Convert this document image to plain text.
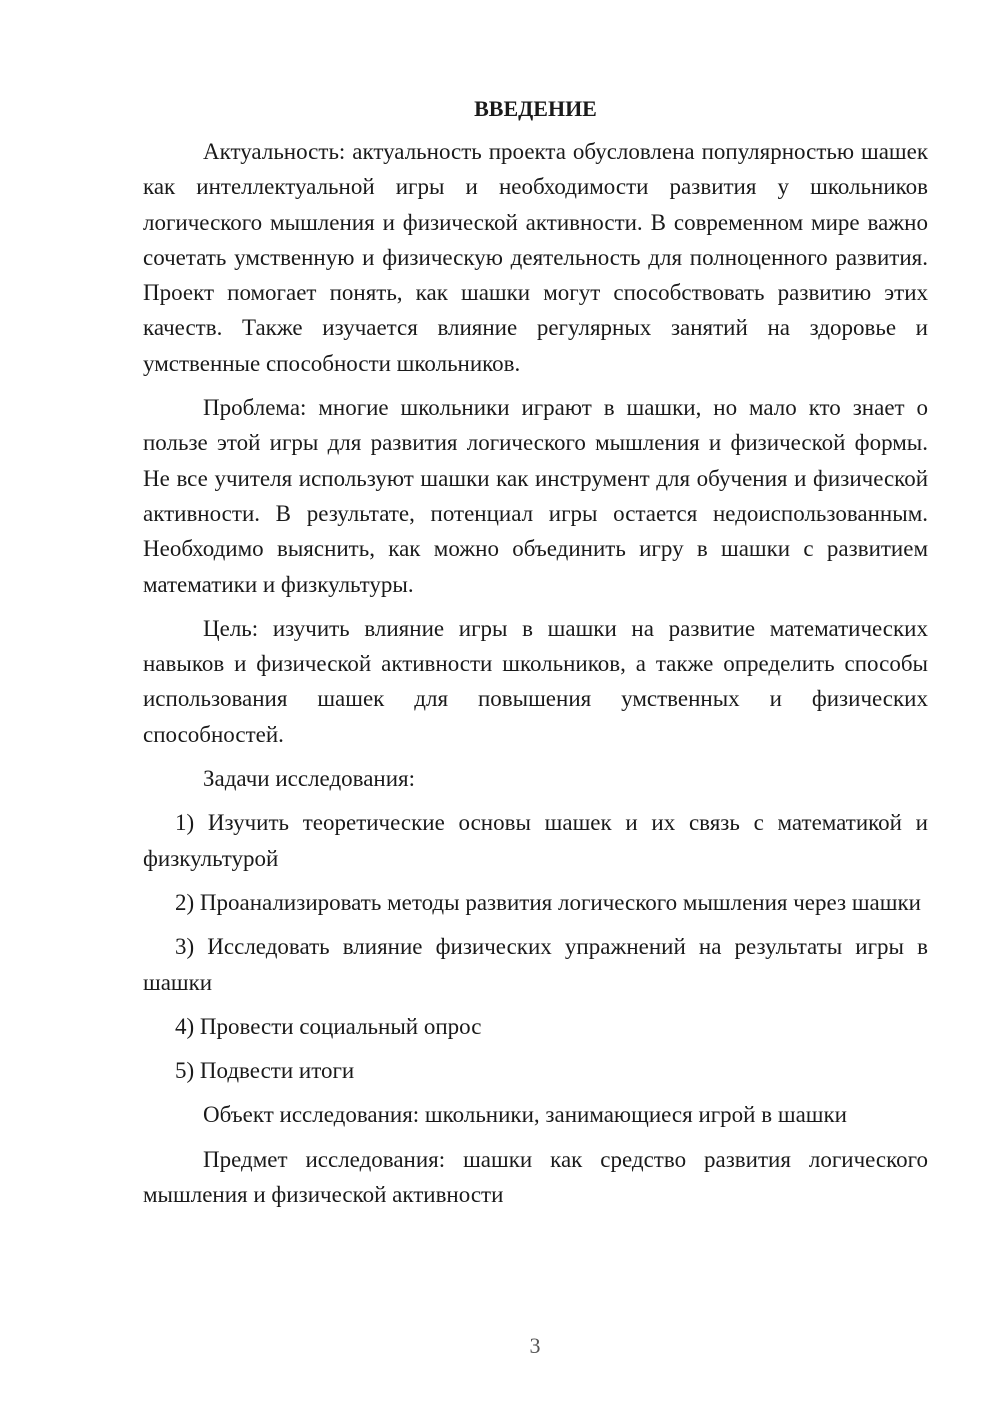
ВВЕДЕНИЕ
Актуальность: актуальность проекта обусловлена популярностью шашек как интеллектуальной игры и необходимости развития у школьников логического мышления и физической активности. В современном мире важно сочетать умственную и физическую деятельность для полноценного развития. Проект помогает понять, как шашки могут способствовать развитию этих качеств. Также изучается влияние регулярных занятий на здоровье и умственные способности школьников.
Проблема: многие школьники играют в шашки, но мало кто знает о пользе этой игры для развития логического мышления и физической формы. Не все учителя используют шашки как инструмент для обучения и физической активности. В результате, потенциал игры остается недоиспользованным. Необходимо выяснить, как можно объединить игру в шашки с развитием математики и физкультуры.
Цель: изучить влияние игры в шашки на развитие математических навыков и физической активности школьников, а также определить способы использования шашек для повышения умственных и физических способностей.
Задачи исследования:
1) Изучить теоретические основы шашек и их связь с математикой и физкультурой
2) Проанализировать методы развития логического мышления через шашки
3) Исследовать влияние физических упражнений на результаты игры в шашки
4) Провести социальный опрос
5) Подвести итоги
Объект исследования: школьники, занимающиеся игрой в шашки
Предмет исследования: шашки как средство развития логического мышления и физической активности
3
